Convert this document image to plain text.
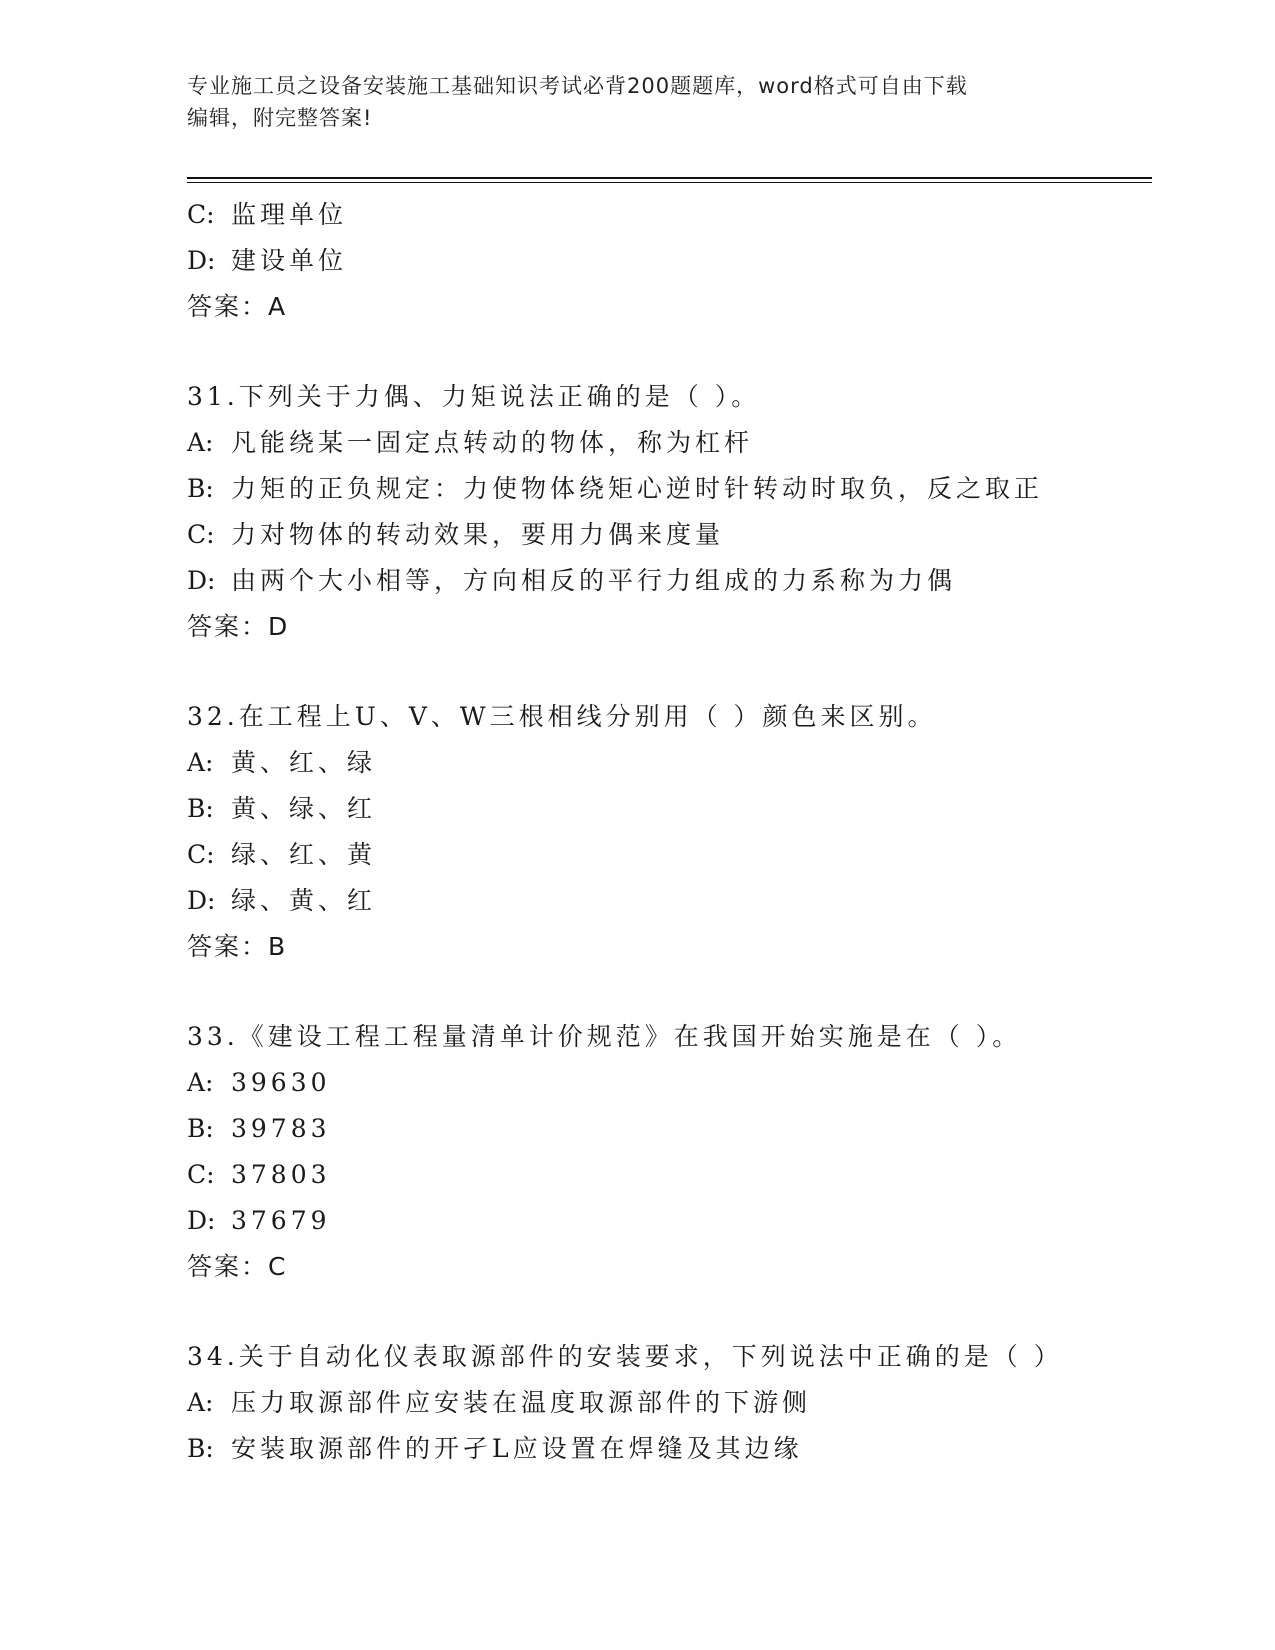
专业施工员之设备安装施工基础知识考试必背200题题库，word格式可自由下载
编辑，附完整答案!
C: 监理单位
D: 建设单位
答案：A
31.下列关于力偶、力矩说法正确的是（ ）。
A: 凡能绕某一固定点转动的物体，称为杠杆
B: 力矩的正负规定：力使物体绕矩心逆时针转动时取负，反之取正
C: 力对物体的转动效果，要用力偶来度量
D: 由两个大小相等，方向相反的平行力组成的力系称为力偶
答案：D
32.在工程上U、V、W三根相线分别用（ ）颜色来区别。
A: 黄、红、绿
B: 黄、绿、红
C: 绿、红、黄
D: 绿、黄、红
答案：B
33.《建设工程工程量清单计价规范》在我国开始实施是在（ ）。
A: 39630
B: 39783
C: 37803
D: 37679
答案：C
34.关于自动化仪表取源部件的安装要求，下列说法中正确的是（ ）
A: 压力取源部件应安装在温度取源部件的下游侧
B: 安装取源部件的开孑L应设置在焊缝及其边缘
